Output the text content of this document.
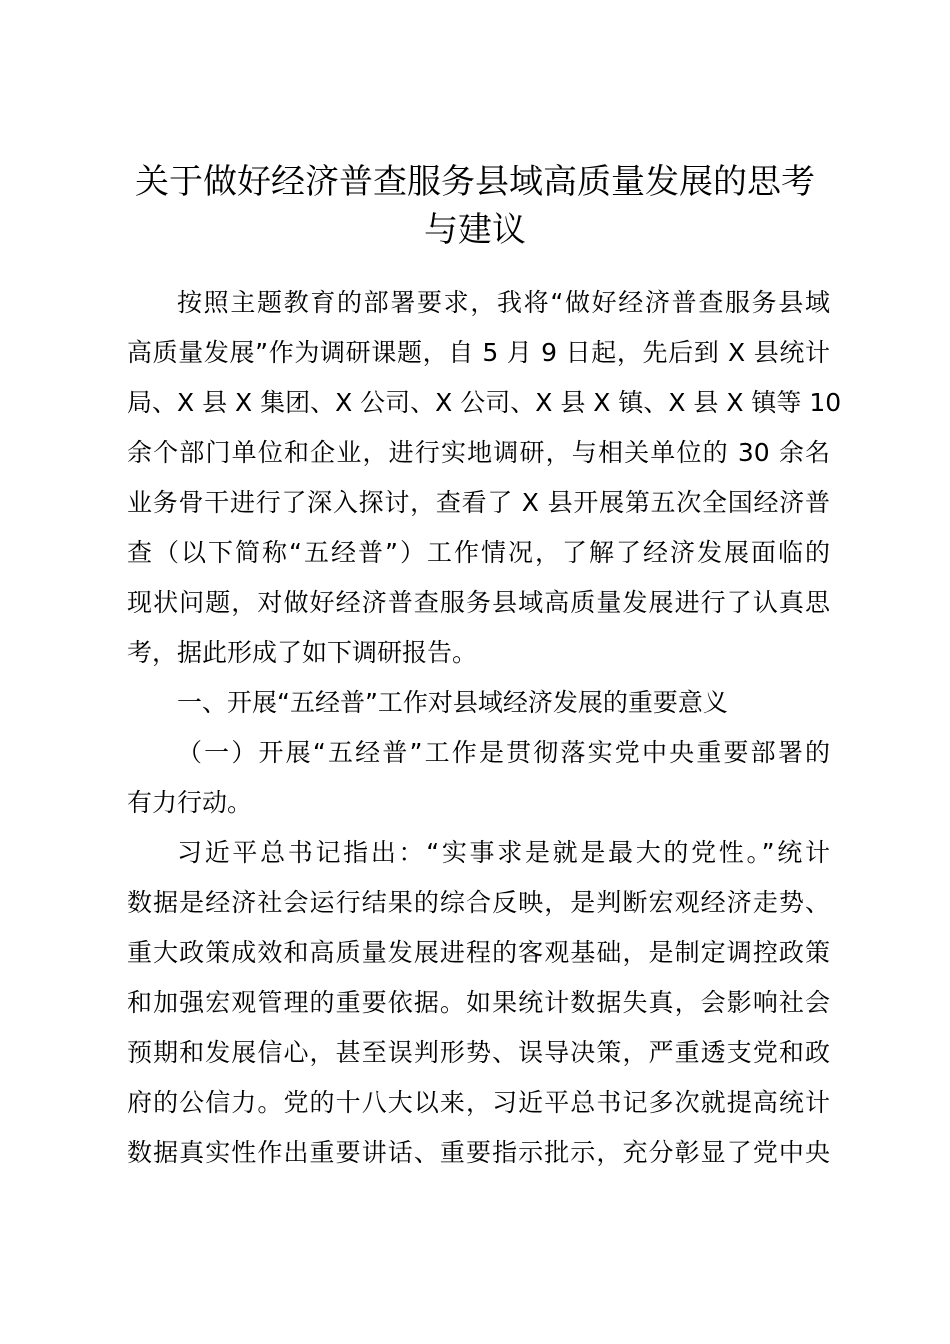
关于做好经济普查服务县域高质量发展的思考
与建议
按照主题教育的部署要求，我将“做好经济普查服务县域
高质量发展”作为调研课题，自 5 月 9 日起，先后到 X 县统计
局、X 县 X 集团、X 公司、X 公司、X 县 X 镇、X 县 X 镇等 10
余个部门单位和企业，进行实地调研，与相关单位的 30 余名
业务骨干进行了深入探讨，查看了 X 县开展第五次全国经济普
查（以下简称“五经普”）工作情况，了解了经济发展面临的
现状问题，对做好经济普查服务县域高质量发展进行了认真思
考，据此形成了如下调研报告。
一、开展“五经普”工作对县域经济发展的重要意义
（一）开展“五经普”工作是贯彻落实党中央重要部署的
有力行动。
习近平总书记指出：“实事求是就是最大的党性。”统计
数据是经济社会运行结果的综合反映，是判断宏观经济走势、
重大政策成效和高质量发展进程的客观基础，是制定调控政策
和加强宏观管理的重要依据。如果统计数据失真，会影响社会
预期和发展信心，甚至误判形势、误导决策，严重透支党和政
府的公信力。党的十八大以来，习近平总书记多次就提高统计
数据真实性作出重要讲话、重要指示批示，充分彰显了党中央
